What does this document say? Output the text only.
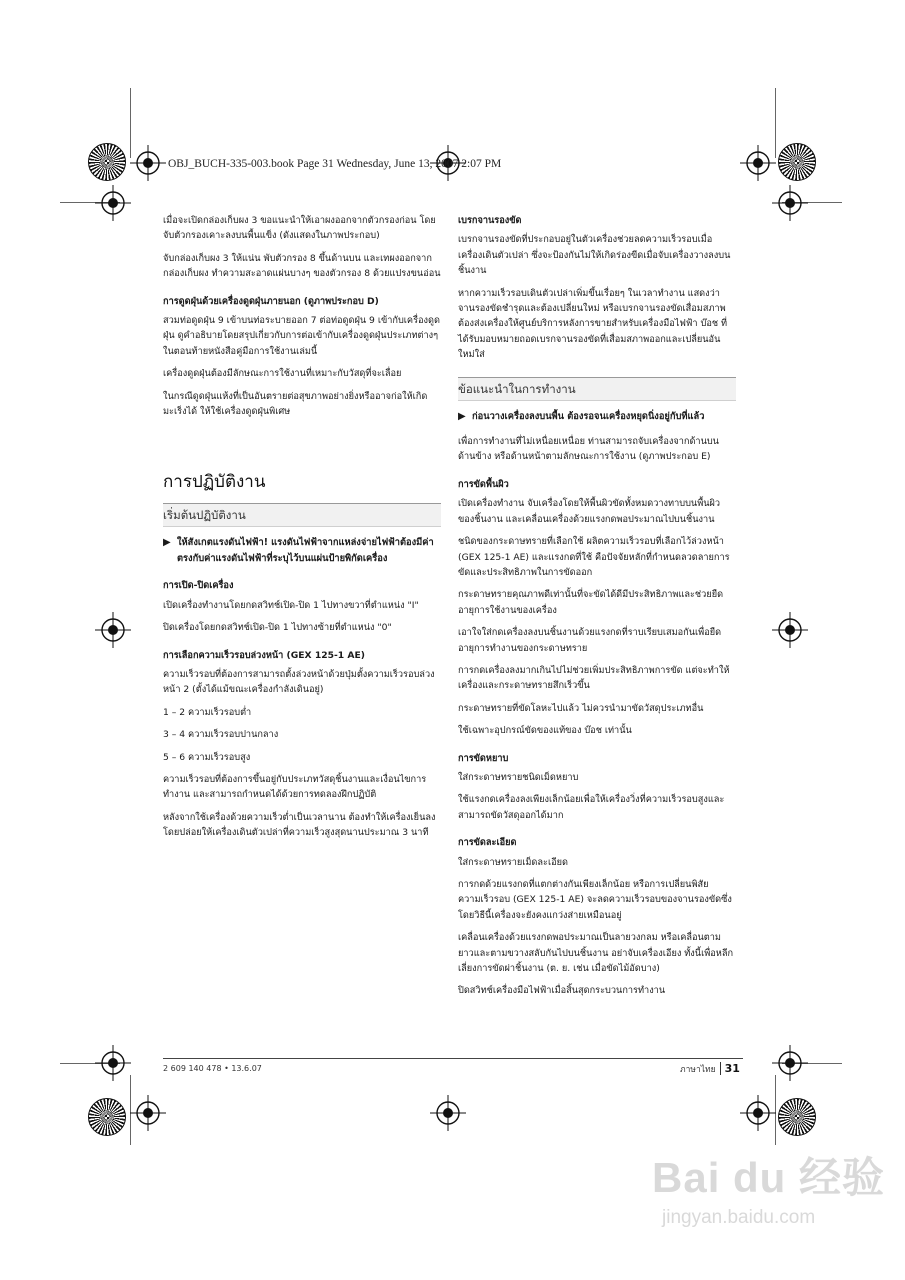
OBJ_BUCH-335-003.book Page 31 Wednesday, June 13, 2007 2:07 PM

เมื่อจะเปิดกล่องเก็บผง 3 ขอแนะนำให้เอาผงออกจากตัวกรองก่อน โดยจับตัวกรองเคาะลงบนพื้นแข็ง (ดังแสดงในภาพประกอบ)

จับกล่องเก็บผง 3 ให้แน่น พับตัวกรอง 8 ขึ้นด้านบน และเทผงออกจากกล่องเก็บผง ทำความสะอาดแผ่นบางๆ ของตัวกรอง 8 ด้วยแปรงขนอ่อน

การดูดฝุ่นด้วยเครื่องดูดฝุ่นภายนอก (ดูภาพประกอบ D)

สวมท่อดูดฝุ่น 9 เข้าบนท่อระบายออก 7 ต่อท่อดูดฝุ่น 9 เข้ากับเครื่องดูดฝุ่น ดูคำอธิบายโดยสรุปเกี่ยวกับการต่อเข้ากับเครื่องดูดฝุ่นประเภทต่างๆ ในตอนท้ายหนังสือคู่มือการใช้งานเล่มนี้

เครื่องดูดฝุ่นต้องมีลักษณะการใช้งานที่เหมาะกับวัสดุที่จะเลื่อย

ในกรณีดูดฝุ่นแห้งที่เป็นอันตรายต่อสุขภาพอย่างยิ่งหรืออาจก่อให้เกิดมะเร็งได้ ให้ใช้เครื่องดูดฝุ่นพิเศษ

การปฏิบัติงาน
เริ่มต้นปฏิบัติงาน
▶ ให้สังเกตแรงดันไฟฟ้า! แรงดันไฟฟ้าจากแหล่งจ่ายไฟฟ้าต้องมีค่าตรงกับค่าแรงดันไฟฟ้าที่ระบุไว้บนแผ่นป้ายพิกัดเครื่อง
การเปิด-ปิดเครื่อง

เปิดเครื่องทำงานโดยกดสวิทช์เปิด-ปิด 1 ไปทางขวาที่ตำแหน่ง "I"

ปิดเครื่องโดยกดสวิทช์เปิด-ปิด 1 ไปทางซ้ายที่ตำแหน่ง "0"

การเลือกความเร็วรอบล่วงหน้า (GEX 125-1 AE)

ความเร็วรอบที่ต้องการสามารถตั้งล่วงหน้าด้วยปุ่มตั้งความเร็วรอบล่วงหน้า 2 (ตั้งได้แม้ขณะเครื่องกำลังเดินอยู่)

1 – 2 ความเร็วรอบต่ำ

3 – 4 ความเร็วรอบปานกลาง

5 – 6 ความเร็วรอบสูง

ความเร็วรอบที่ต้องการขึ้นอยู่กับประเภทวัสดุชิ้นงานและเงื่อนไขการทำงาน และสามารถกำหนดได้ด้วยการทดลองฝึกปฏิบัติ

หลังจากใช้เครื่องด้วยความเร็วต่ำเป็นเวลานาน ต้องทำให้เครื่องเย็นลงโดยปล่อยให้เครื่องเดินตัวเปล่าที่ความเร็วสูงสุดนานประมาณ 3 นาที

เบรกจานรองขัด

เบรกจานรองขัดที่ประกอบอยู่ในตัวเครื่องช่วยลดความเร็วรอบเมื่อเครื่องเดินตัวเปล่า ซึ่งจะป้องกันไม่ให้เกิดร่องขีดเมื่อจับเครื่องวางลงบนชิ้นงาน

หากความเร็วรอบเดินตัวเปล่าเพิ่มขึ้นเรื่อยๆ ในเวลาทำงาน แสดงว่าจานรองขัดชำรุดและต้องเปลี่ยนใหม่ หรือเบรกจานรองขัดเสื่อมสภาพ ต้องส่งเครื่องให้ศูนย์บริการหลังการขายสำหรับเครื่องมือไฟฟ้า บ๊อช ที่ได้รับมอบหมายถอดเบรกจานรองขัดที่เสื่อมสภาพออกและเปลี่ยนอันใหม่ใส่

ข้อแนะนำในการทำงาน
▶ ก่อนวางเครื่องลงบนพื้น ต้องรอจนเครื่องหยุดนิ่งอยู่กับที่แล้ว

เพื่อการทำงานที่ไม่เหนื่อยเหนื่อย ท่านสามารถจับเครื่องจากด้านบน ด้านข้าง หรือด้านหน้าตามลักษณะการใช้งาน (ดูภาพประกอบ E)

การขัดพื้นผิว

เปิดเครื่องทำงาน จับเครื่องโดยให้พื้นผิวขัดทั้งหมดวางทาบบนพื้นผิวของชิ้นงาน และเคลื่อนเครื่องด้วยแรงกดพอประมาณไปบนชิ้นงาน

ชนิดของกระดาษทรายที่เลือกใช้ ผลิตความเร็วรอบที่เลือกไว้ล่วงหน้า (GEX 125-1 AE) และแรงกดที่ใช้ คือปัจจัยหลักที่กำหนดลวดลายการขัดและประสิทธิภาพในการขัดออก

กระดาษทรายคุณภาพดีเท่านั้นที่จะขัดได้ดีมีประสิทธิภาพและช่วยยืดอายุการใช้งานของเครื่อง

เอาใจใส่กดเครื่องลงบนชิ้นงานด้วยแรงกดที่ราบเรียบเสมอกันเพื่อยืดอายุการทำงานของกระดาษทราย

การกดเครื่องลงมากเกินไปไม่ช่วยเพิ่มประสิทธิภาพการขัด แต่จะทำให้เครื่องและกระดาษทรายสึกเร็วขึ้น

กระดาษทรายที่ขัดโลหะไปแล้ว ไม่ควรนำมาขัดวัสดุประเภทอื่น

ใช้เฉพาะอุปกรณ์ขัดของแท้ของ บ๊อช เท่านั้น

การขัดหยาบ

ใส่กระดาษทรายชนิดเม็ดหยาบ

ใช้แรงกดเครื่องลงเพียงเล็กน้อยเพื่อให้เครื่องวิ่งที่ความเร็วรอบสูงและสามารถขัดวัสดุออกได้มาก

การขัดละเอียด

ใส่กระดาษทรายเม็ดละเอียด

การกดด้วยแรงกดที่แตกต่างกันเพียงเล็กน้อย หรือการเปลี่ยนพิสัยความเร็วรอบ (GEX 125-1 AE) จะลดความเร็วรอบของจานรองขัดซึ่งโดยวิธีนี้เครื่องจะยังคงแกว่งส่ายเหมือนอยู่

เคลื่อนเครื่องด้วยแรงกดพอประมาณเป็นลายวงกลม หรือเคลื่อนตามยาวและตามขวางสลับกันไปบนชิ้นงาน อย่าจับเครื่องเอียง ทั้งนี้เพื่อหลีกเลี่ยงการขัดผ่าชิ้นงาน (ต. ย. เช่น เมื่อขัดไม้อัดบาง)

ปิดสวิทช์เครื่องมือไฟฟ้าเมื่อสิ้นสุดกระบวนการทำงาน

2 609 140 478 • 13.6.07	ภาษาไทย 31
Bai du 经验
jingyan.baidu.com
